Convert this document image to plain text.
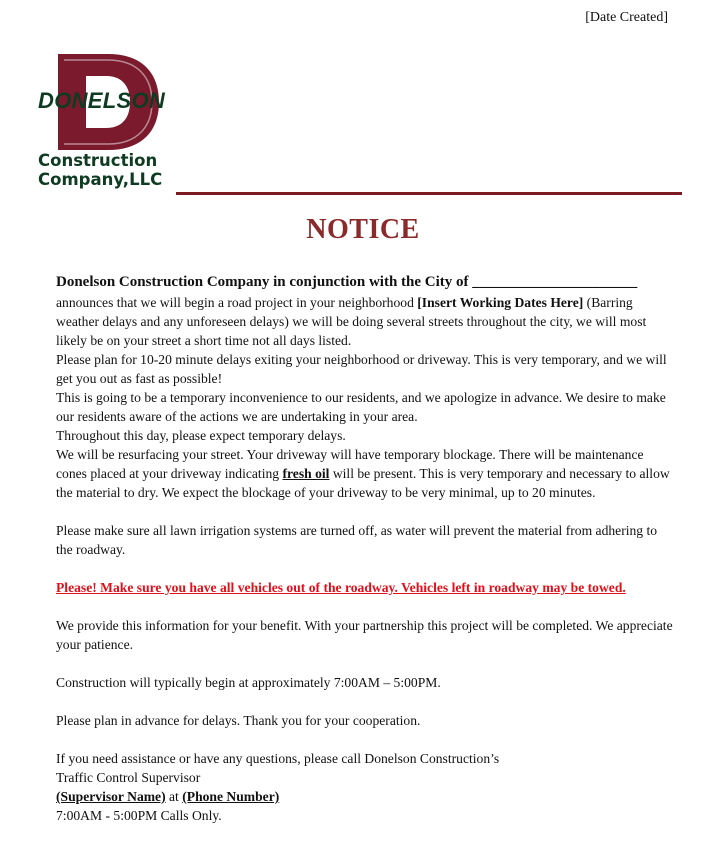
[Date Created]
DONELSON
Construction
Company,LLC
NOTICE

Donelson Construction Company in conjunction with the City of ______________________

announces that we will begin a road project in your neighborhood [Insert Working Dates Here] (Barring weather delays and any unforeseen delays) we will be doing several streets throughout the city, we will most likely be on your street a short time not all days listed.

Please plan for 10-20 minute delays exiting your neighborhood or driveway. This is very temporary, and we will get you out as fast as possible!

This is going to be a temporary inconvenience to our residents, and we apologize in advance. We desire to make our residents aware of the actions we are undertaking in your area.

Throughout this day, please expect temporary delays.

We will be resurfacing your street. Your driveway will have temporary blockage. There will be maintenance cones placed at your driveway indicating fresh oil will be present. This is very temporary and necessary to allow the material to dry. We expect the blockage of your driveway to be very minimal, up to 20 minutes.

Please make sure all lawn irrigation systems are turned off, as water will prevent the material from adhering to the roadway.

Please! Make sure you have all vehicles out of the roadway. Vehicles left in roadway may be towed.

We provide this information for your benefit. With your partnership this project will be completed. We appreciate your patience.

Construction will typically begin at approximately 7:00AM – 5:00PM.

Please plan in advance for delays. Thank you for your cooperation.

If you need assistance or have any questions, please call Donelson Construction’s

Traffic Control Supervisor

(Supervisor Name) at (Phone Number)

7:00AM - 5:00PM Calls Only.
